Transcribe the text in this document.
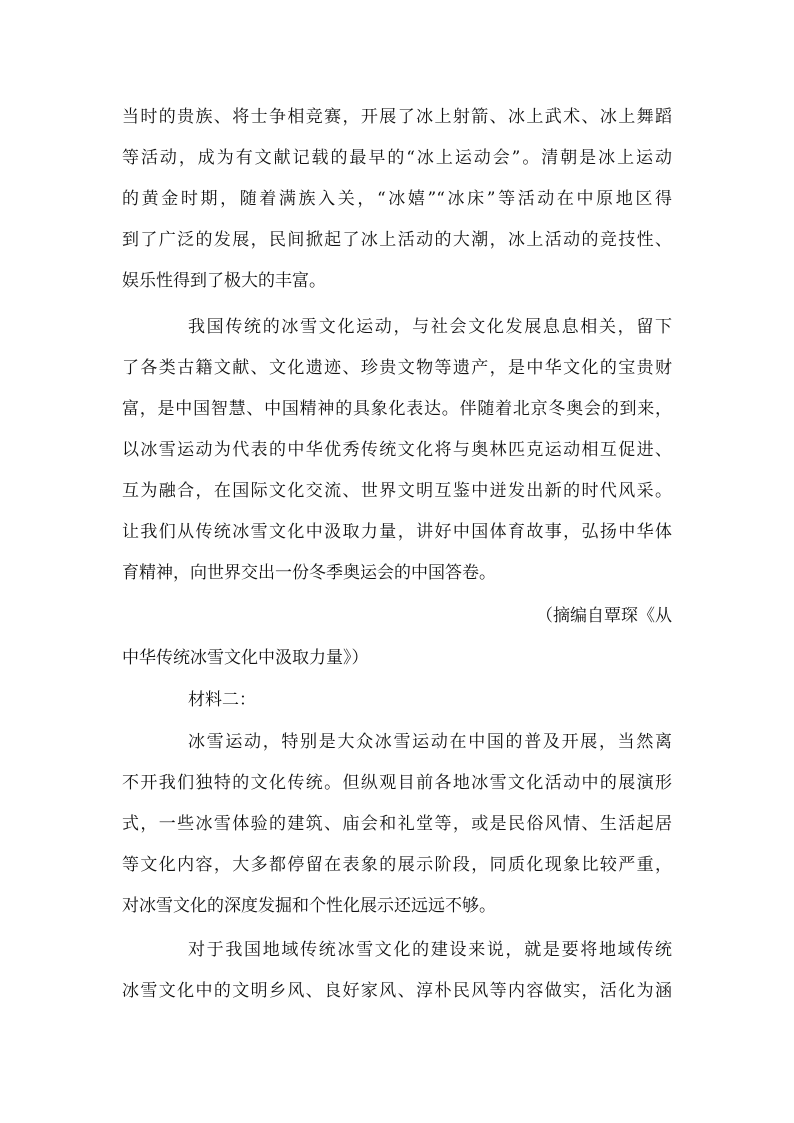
当时的贵族、将士争相竞赛，开展了冰上射箭、冰上武术、冰上舞蹈
等活动，成为有文献记载的最早的“冰上运动会”。清朝是冰上运动
的黄金时期，随着满族入关，“冰嬉”“冰床”等活动在中原地区得
到了广泛的发展，民间掀起了冰上活动的大潮，冰上活动的竞技性、
娱乐性得到了极大的丰富。
我国传统的冰雪文化运动，与社会文化发展息息相关，留下
了各类古籍文献、文化遗迹、珍贵文物等遗产，是中华文化的宝贵财
富，是中国智慧、中国精神的具象化表达。伴随着北京冬奥会的到来，
以冰雪运动为代表的中华优秀传统文化将与奥林匹克运动相互促进、
互为融合，在国际文化交流、世界文明互鉴中迸发出新的时代风采。
让我们从传统冰雪文化中汲取力量，讲好中国体育故事，弘扬中华体
育精神，向世界交出一份冬季奥运会的中国答卷。
（摘编自覃琛《从
中华传统冰雪文化中汲取力量》）
材料二：
冰雪运动，特别是大众冰雪运动在中国的普及开展，当然离
不开我们独特的文化传统。但纵观目前各地冰雪文化活动中的展演形
式，一些冰雪体验的建筑、庙会和礼堂等，或是民俗风情、生活起居
等文化内容，大多都停留在表象的展示阶段，同质化现象比较严重，
对冰雪文化的深度发掘和个性化展示还远远不够。
对于我国地域传统冰雪文化的建设来说，就是要将地域传统
冰雪文化中的文明乡风、良好家风、淳朴民风等内容做实，活化为涵
